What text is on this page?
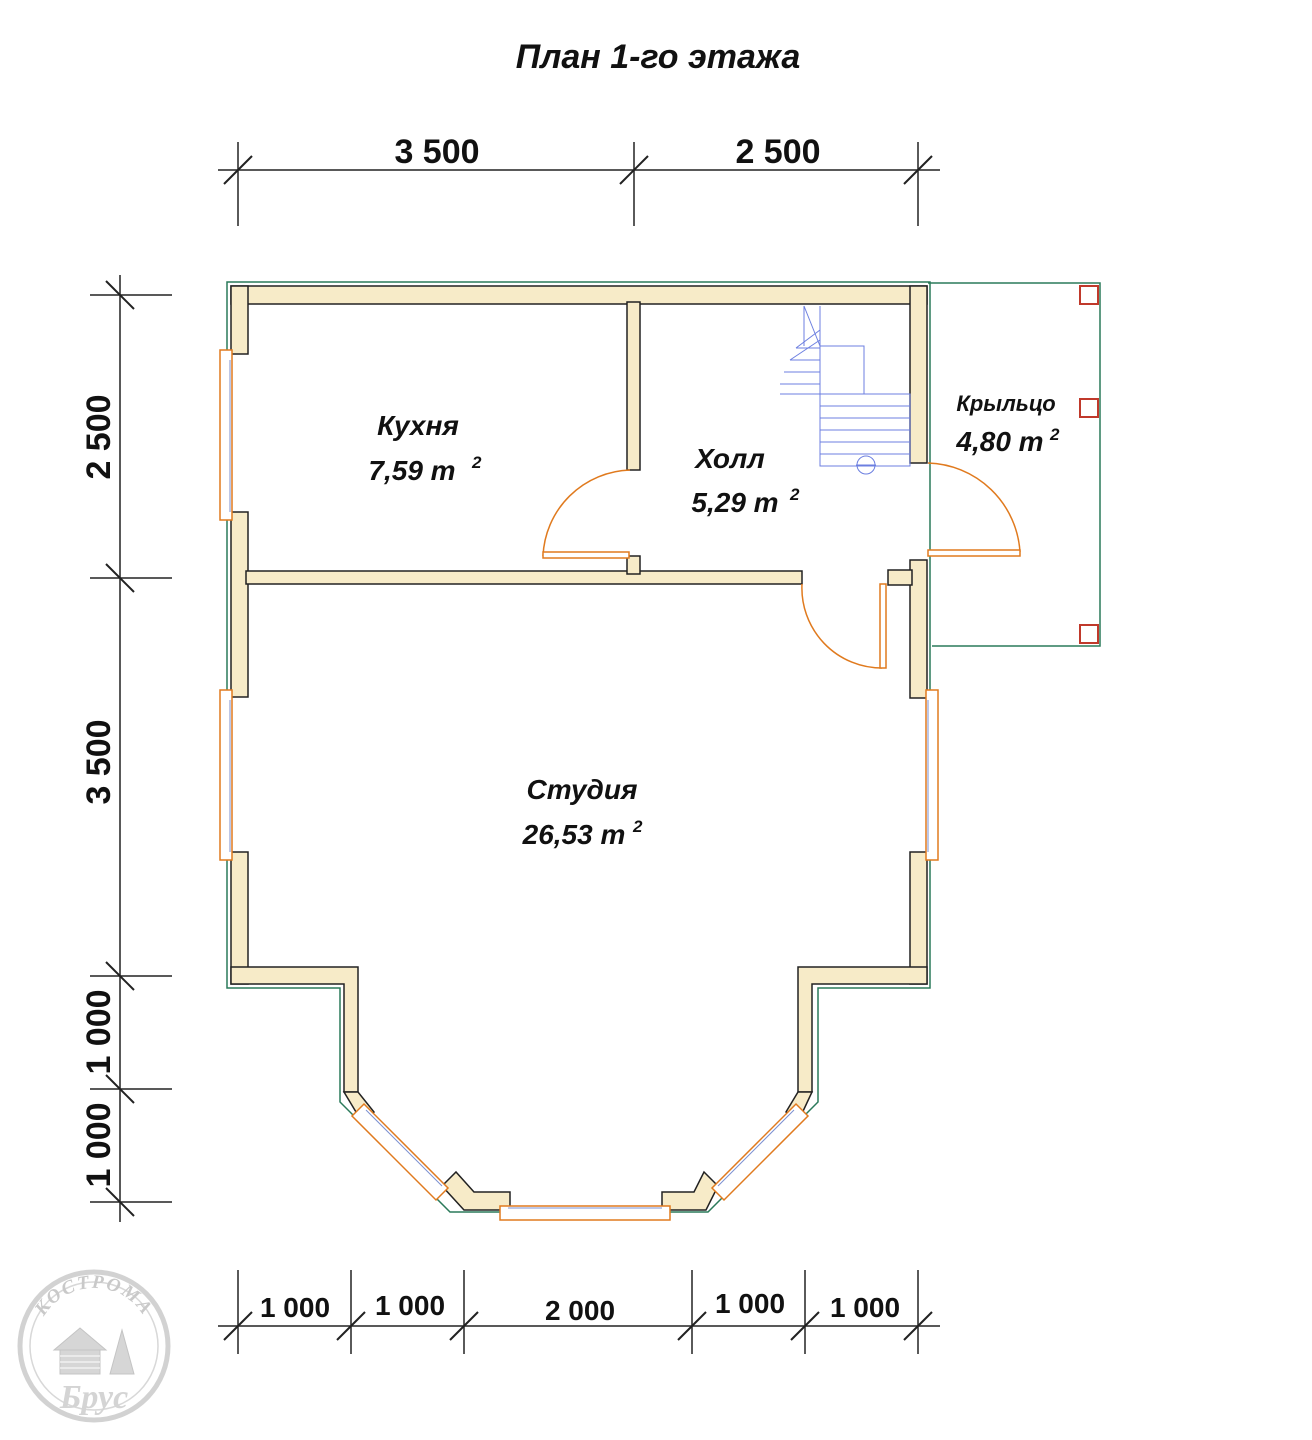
План 1-го этажа
3 500	2 500
2 500
3 500
1 000
1 000
1 000 1 000	2 000	1 000 1 000
Кухня
7,59 m 2	Холл
5,29 m 2
Крыльцо
4,80 m 2
Студия
26,53 m 2
КОСТРОМА
Брус
